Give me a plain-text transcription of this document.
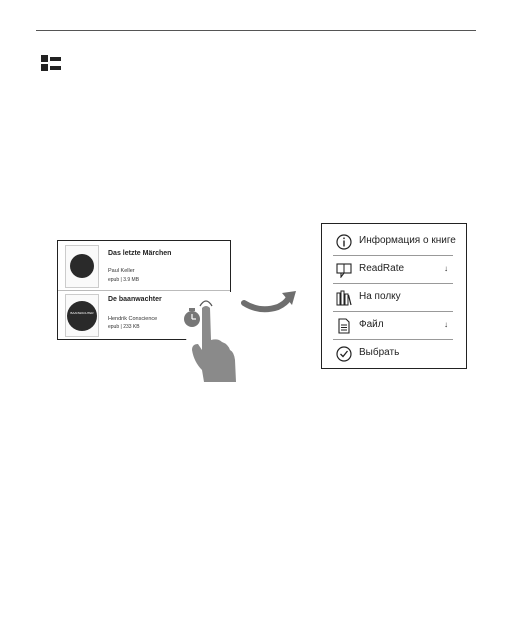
Das letzte Märchen
Paul Keller
epub | 3.9 MB
BAANWACHTER
De baanwachter
Hendrik Conscience
epub | 233 KB
Информация о книге
ReadRate	↓
На полку
Файл	↓
Выбрать
